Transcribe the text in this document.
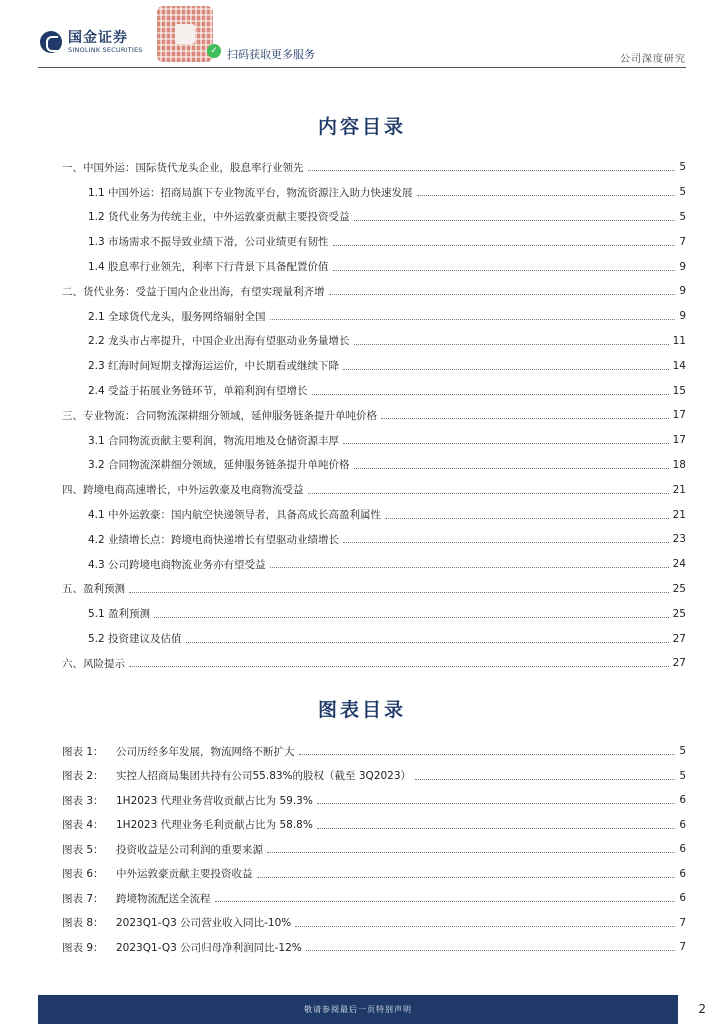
国金证券
SINOLINK SECURITIES	✓ 扫码获取更多服务	公司深度研究
内容目录
一、中国外运：国际货代龙头企业，股息率行业领先	5
1.1 中国外运：招商局旗下专业物流平台，物流资源注入助力快速发展	5
1.2 货代业务为传统主业，中外运敦豪贡献主要投资受益	5
1.3 市场需求不振导致业绩下滑，公司业绩更有韧性	7
1.4 股息率行业领先，利率下行背景下具备配置价值	9
二、货代业务：受益于国内企业出海，有望实现量利齐增	9
2.1 全球货代龙头，服务网络辐射全国	9
2.2 龙头市占率提升，中国企业出海有望驱动业务量增长	11
2.3 红海时间短期支撑海运运价，中长期看或继续下降	14
2.4 受益于拓展业务链环节，单箱利润有望增长	15
三、专业物流：合同物流深耕细分领域，延伸服务链条提升单吨价格	17
3.1 合同物流贡献主要利润，物流用地及仓储资源丰厚	17
3.2 合同物流深耕细分领域，延伸服务链条提升单吨价格	18
四、跨境电商高速增长，中外运敦豪及电商物流受益	21
4.1 中外运敦豪：国内航空快递领导者，具备高成长高盈利属性	21
4.2 业绩增长点：跨境电商快递增长有望驱动业绩增长	23
4.3 公司跨境电商物流业务亦有望受益	24
五、盈利预测	25
5.1 盈利预测	25
5.2 投资建议及估值	27
六、风险提示	27
图表目录
图表 1：	公司历经多年发展，物流网络不断扩大	5
图表 2：	实控人招商局集团共持有公司55.83%的股权（截至 3Q2023）	5
图表 3：	1H2023 代理业务营收贡献占比为 59.3%	6
图表 4：	1H2023 代理业务毛利贡献占比为 58.8%	6
图表 5：	投资收益是公司利润的重要来源	6
图表 6：	中外运敦豪贡献主要投资收益	6
图表 7：	跨境物流配送全流程	6
图表 8：	2023Q1-Q3 公司营业收入同比-10%	7
图表 9：	2023Q1-Q3 公司归母净利润同比-12%	7
敬请参阅最后一页特别声明	2
